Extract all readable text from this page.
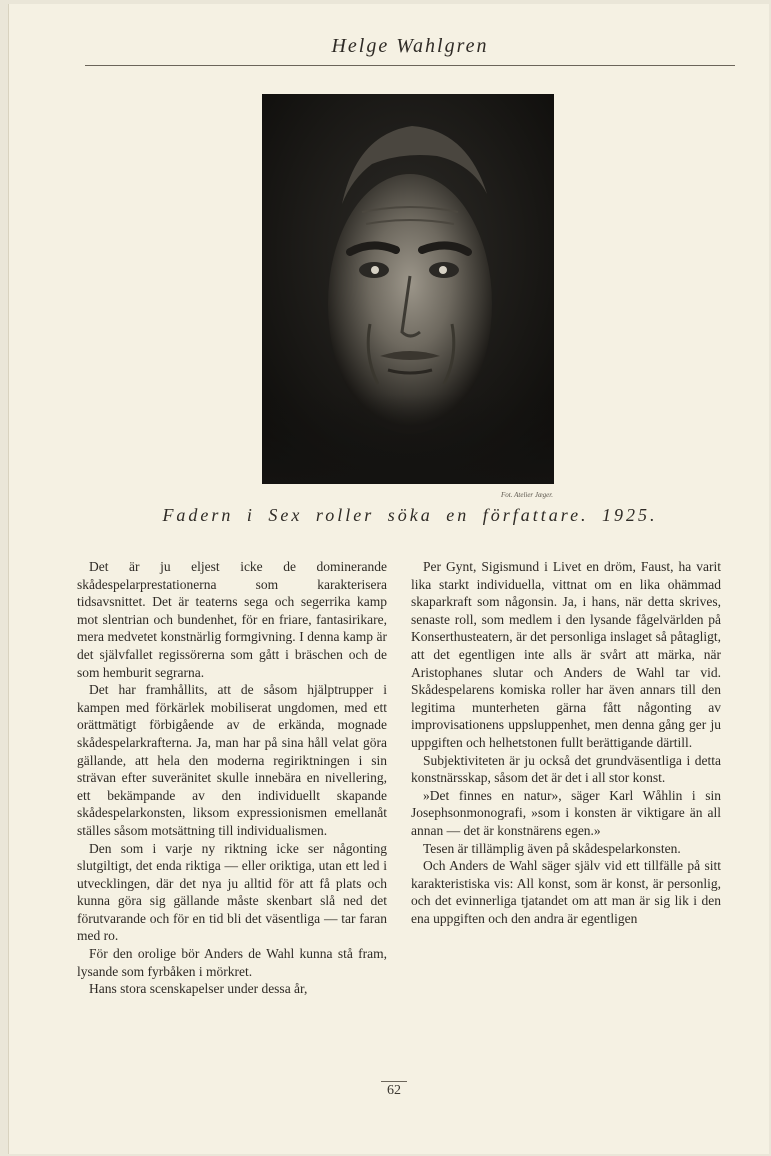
Helge Wahlgren
Fot. Atelier Jæger.
Fadern i Sex roller söka en författare. 1925.

Det är ju eljest icke de dominerande skådespelarprestationerna som karakterisera tidsavsnittet. Det är teaterns sega och segerrika kamp mot slentrian och bundenhet, för en friare, fantasirikare, mera medvetet konstnärlig formgivning. I denna kamp är det självfallet regissörerna som gått i bräschen och de som hemburit segrarna.

Det har framhållits, att de såsom hjälptrupper i kampen med förkärlek mobiliserat ungdomen, med ett orättmätigt förbigående av de erkända, mognade skådespelarkrafterna. Ja, man har på sina håll velat göra gällande, att hela den moderna regiriktningen i sin strävan efter suveränitet skulle innebära en nivellering, ett bekämpande av den individuellt skapande skådespelarkonsten, liksom expressionismen emellanåt ställes såsom motsättning till individualismen.

Den som i varje ny riktning icke ser någonting slutgiltigt, det enda riktiga — eller oriktiga, utan ett led i utvecklingen, där det nya ju alltid för att få plats och kunna göra sig gällande måste skenbart slå ned det förutvarande och för en tid bli det väsentliga — tar faran med ro.

För den orolige bör Anders de Wahl kunna stå fram, lysande som fyrbåken i mörkret.

Hans stora scenskapelser under dessa år,

Per Gynt, Sigismund i Livet en dröm, Faust, ha varit lika starkt individuella, vittnat om en lika ohämmad skaparkraft som någonsin. Ja, i hans, när detta skrives, senaste roll, som medlem i den lysande fågelvärlden på Konserthusteatern, är det personliga inslaget så påtagligt, att det egentligen inte alls är svårt att märka, när Aristophanes slutar och Anders de Wahl tar vid. Skådespelarens komiska roller har även annars till den legitima munterheten gärna fått någonting av improvisationens uppsluppenhet, men denna gång ger ju uppgiften och helhetstonen fullt berättigande därtill.

Subjektiviteten är ju också det grundväsentliga i detta konstnärsskap, såsom det är det i all stor konst.

»Det finnes en natur», säger Karl Wåhlin i sin Josephsonmonografi, »som i konsten är viktigare än all annan — det är konstnärens egen.»

Tesen är tillämplig även på skådespelarkonsten.

Och Anders de Wahl säger själv vid ett tillfälle på sitt karakteristiska vis: All konst, som är konst, är personlig, och det evinnerliga tjatandet om att man är sig lik i den ena uppgiften och den andra är egentligen

62
